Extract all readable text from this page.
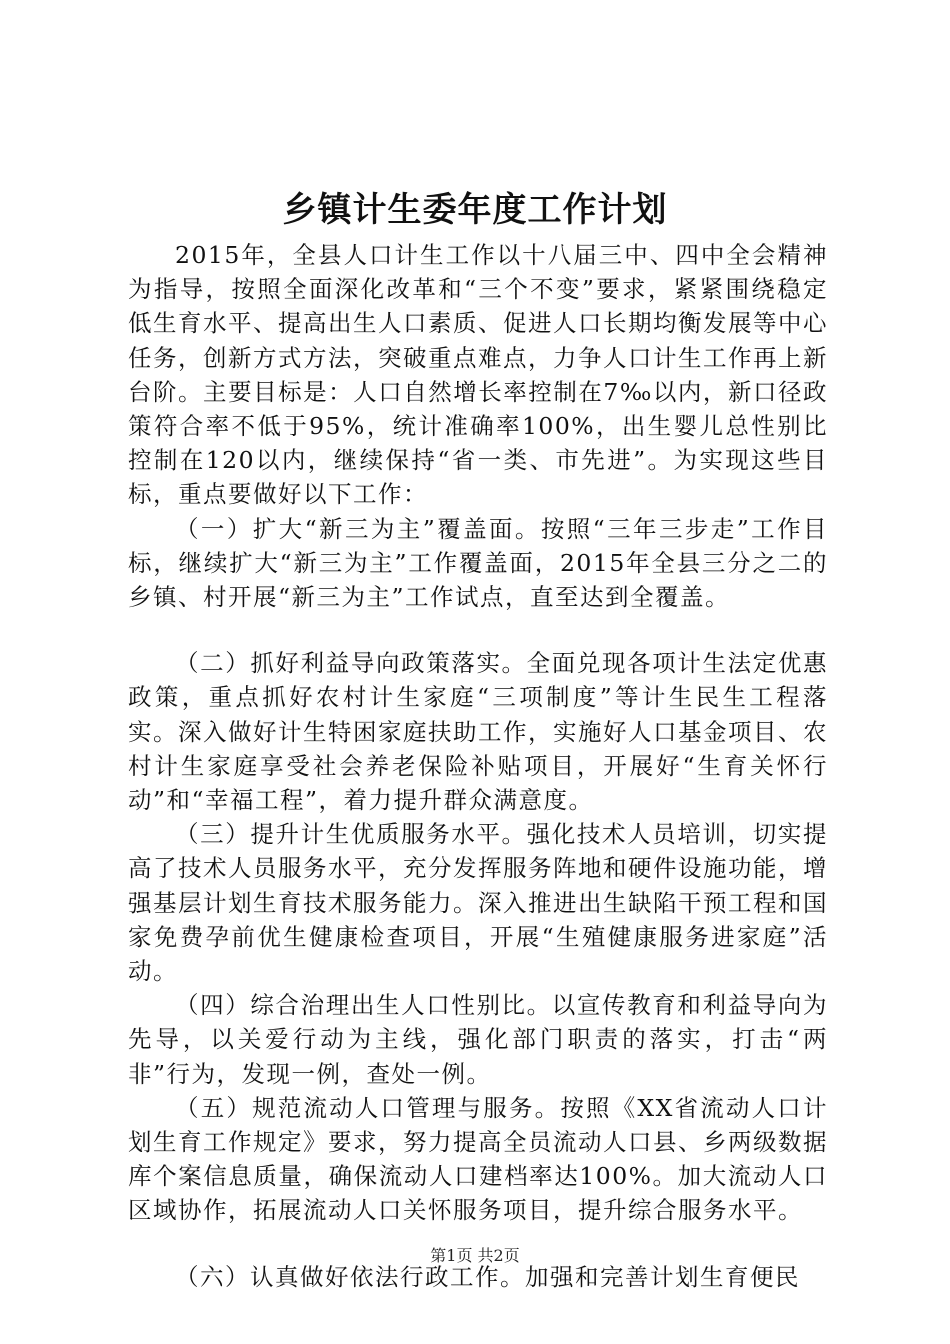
乡镇计生委年度工作计划

2015年，全县人口计生工作以十八届三中、四中全会精神为指导，按照全面深化改革和“三个不变”要求，紧紧围绕稳定低生育水平、提高出生人口素质、促进人口长期均衡发展等中心任务，创新方式方法，突破重点难点，力争人口计生工作再上新台阶。主要目标是：人口自然增长率控制在7‰以内，新口径政策符合率不低于95%，统计准确率100%，出生婴儿总性别比控制在120以内，继续保持“省一类、市先进”。为实现这些目标，重点要做好以下工作：

（一）扩大“新三为主”覆盖面。按照“三年三步走”工作目标，继续扩大“新三为主”工作覆盖面，2015年全县三分之二的乡镇、村开展“新三为主”工作试点，直至达到全覆盖。

（二）抓好利益导向政策落实。全面兑现各项计生法定优惠政策，重点抓好农村计生家庭“三项制度”等计生民生工程落实。深入做好计生特困家庭扶助工作，实施好人口基金项目、农村计生家庭享受社会养老保险补贴项目，开展好“生育关怀行动”和“幸福工程”，着力提升群众满意度。

（三）提升计生优质服务水平。强化技术人员培训，切实提高了技术人员服务水平，充分发挥服务阵地和硬件设施功能，增强基层计划生育技术服务能力。深入推进出生缺陷干预工程和国家免费孕前优生健康检查项目，开展“生殖健康服务进家庭”活动。

（四）综合治理出生人口性别比。以宣传教育和利益导向为先导，以关爱行动为主线，强化部门职责的落实，打击“两非”行为，发现一例，查处一例。

（五）规范流动人口管理与服务。按照《XX省流动人口计划生育工作规定》要求，努力提高全员流动人口县、乡两级数据库个案信息质量，确保流动人口建档率达100%。加大流动人口区域协作，拓展流动人口关怀服务项目，提升综合服务水平。

（六）认真做好依法行政工作。加强和完善计划生育便民

第1页 共2页
